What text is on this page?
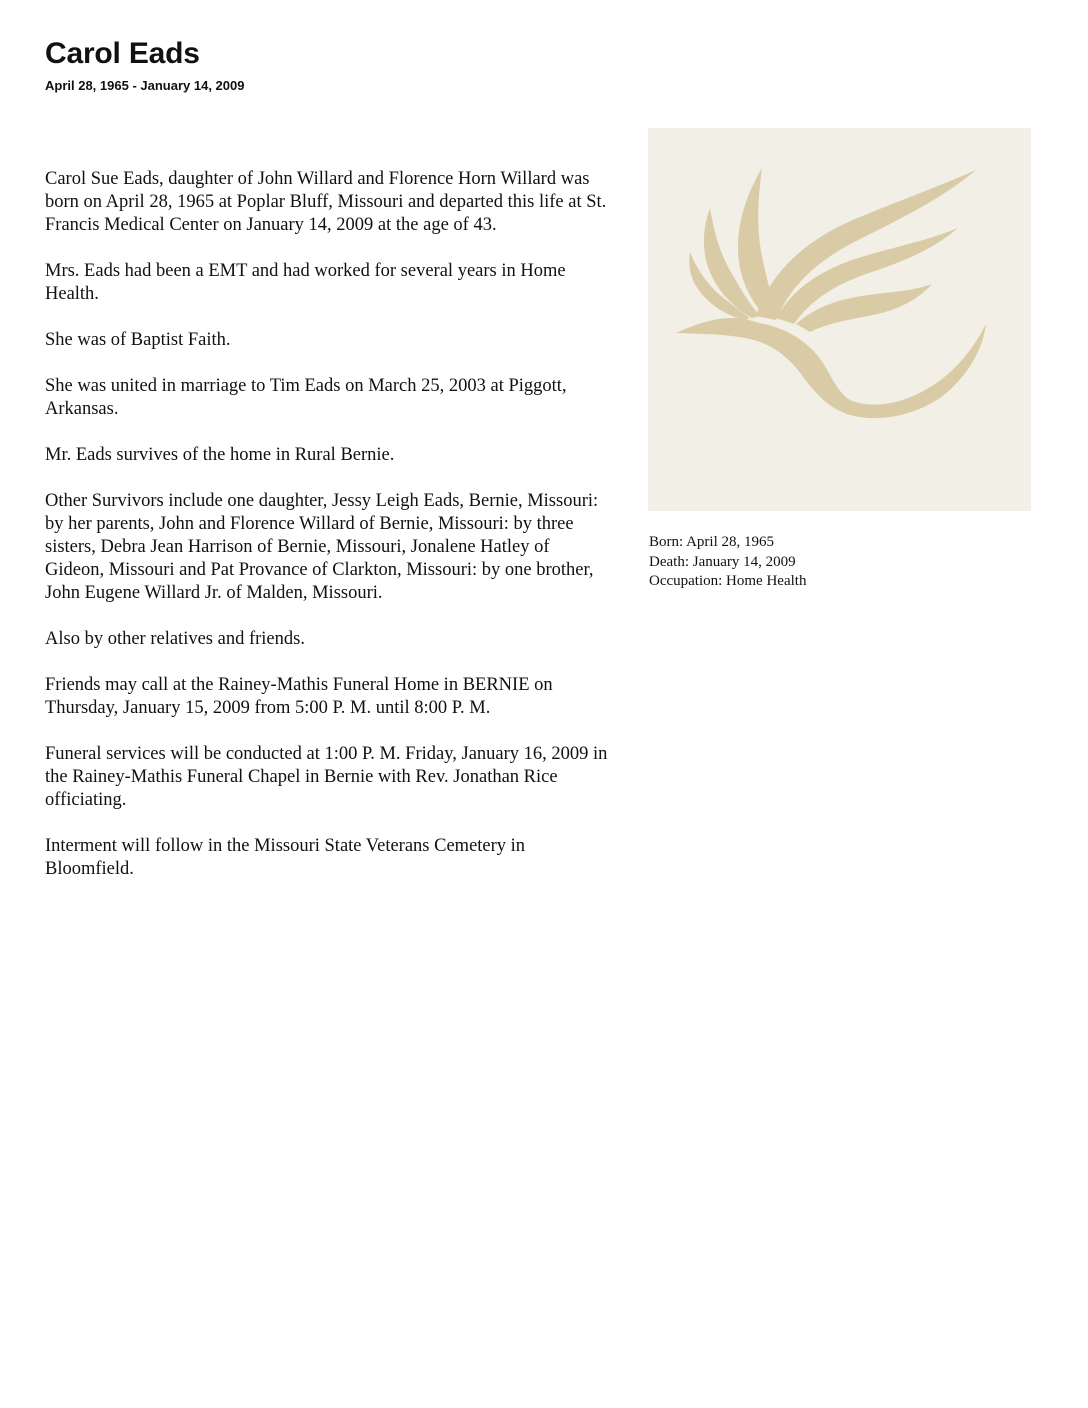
Carol Eads
April 28, 1965 - January 14, 2009

Carol Sue Eads, daughter of John Willard and Florence Horn Willard was born on April 28, 1965 at Poplar Bluff, Missouri and departed this life at St. Francis Medical Center on January 14, 2009 at the age of 43.

Mrs. Eads had been a EMT and had worked for several years in Home Health.

She was of Baptist Faith.

She was united in marriage to Tim Eads on March 25, 2003 at Piggott, Arkansas.

Mr. Eads survives of the home in Rural Bernie.

Other Survivors include one daughter, Jessy Leigh Eads, Bernie, Missouri: by her parents, John and Florence Willard of Bernie, Missouri: by three sisters, Debra Jean Harrison of Bernie, Missouri, Jonalene Hatley of Gideon, Missouri and Pat Provance of Clarkton, Missouri: by one brother, John Eugene Willard Jr. of Malden, Missouri.

Also by other relatives and friends.

Friends may call at the Rainey-Mathis Funeral Home in BERNIE on Thursday, January 15, 2009 from 5:00 P. M. until 8:00 P. M.

Funeral services will be conducted at 1:00 P. M. Friday, January 16, 2009 in the Rainey-Mathis Funeral Chapel in Bernie with Rev. Jonathan Rice officiating.

Interment will follow in the Missouri State Veterans Cemetery in Bloomfield.

Born: April 28, 1965
Death: January 14, 2009
Occupation: Home Health
